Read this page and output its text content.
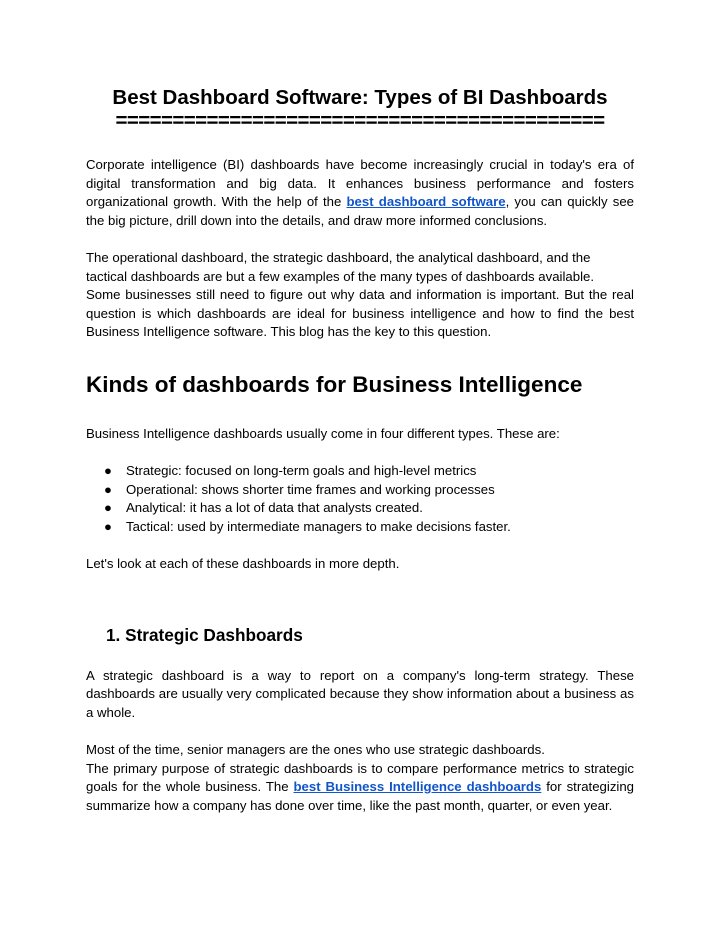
Best Dashboard Software: Types of BI Dashboards
===========================================

Corporate intelligence (BI) dashboards have become increasingly crucial in today's era of digital transformation and big data. It enhances business performance and fosters organizational growth. With the help of the best dashboard software, you can quickly see the big picture, drill down into the details, and draw more informed conclusions.

The operational dashboard, the strategic dashboard, the analytical dashboard, and the tactical dashboards are but a few examples of the many types of dashboards available.

Some businesses still need to figure out why data and information is important. But the real question is which dashboards are ideal for business intelligence and how to find the best Business Intelligence software. This blog has the key to this question.

Kinds of dashboards for Business Intelligence

Business Intelligence dashboards usually come in four different types. These are:

● Strategic: focused on long-term goals and high-level metrics
● Operational: shows shorter time frames and working processes
● Analytical: it has a lot of data that analysts created.
● Tactical: used by intermediate managers to make decisions faster.

Let's look at each of these dashboards in more depth.

1. Strategic Dashboards

A strategic dashboard is a way to report on a company's long-term strategy. These dashboards are usually very complicated because they show information about a business as a whole.

Most of the time, senior managers are the ones who use strategic dashboards.

The primary purpose of strategic dashboards is to compare performance metrics to strategic goals for the whole business. The best Business Intelligence dashboards for strategizing summarize how a company has done over time, like the past month, quarter, or even year.
